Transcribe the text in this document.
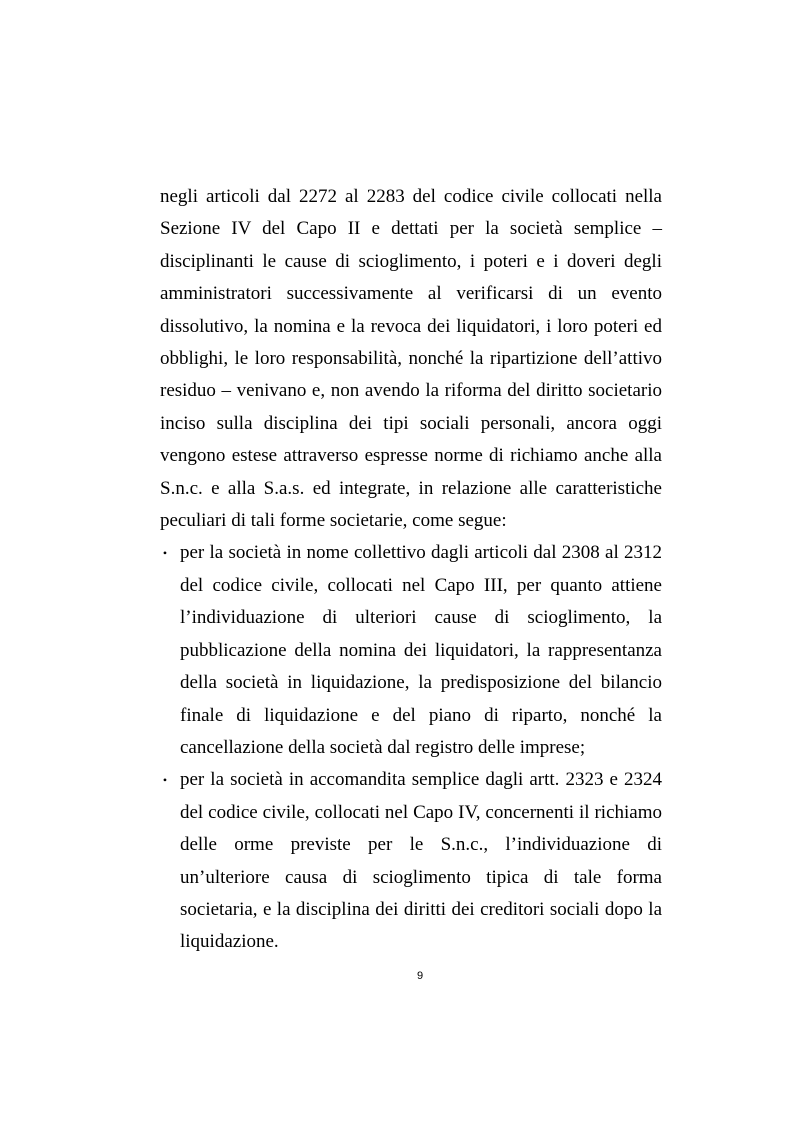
negli articoli dal 2272 al 2283 del codice civile collocati nella Sezione IV del Capo II e dettati per la società semplice – disciplinanti le cause di scioglimento, i poteri e i doveri degli amministratori successivamente al verificarsi di un evento dissolutivo, la nomina e la revoca dei liquidatori, i loro poteri ed obblighi, le loro responsabilità, nonché la ripartizione dell’attivo residuo – venivano e, non avendo la riforma del diritto societario inciso sulla disciplina dei tipi sociali personali, ancora oggi vengono estese attraverso espresse norme di richiamo anche alla S.n.c. e alla S.a.s. ed integrate, in relazione alle caratteristiche peculiari di tali forme societarie, come segue:

• per la società in nome collettivo dagli articoli dal 2308 al 2312 del codice civile, collocati nel Capo III, per quanto attiene l’individuazione di ulteriori cause di scioglimento, la pubblicazione della nomina dei liquidatori, la rappresentanza della società in liquidazione, la predisposizione del bilancio finale di liquidazione e del piano di riparto, nonché la cancellazione della società dal registro delle imprese;
• per la società in accomandita semplice dagli artt. 2323 e 2324 del codice civile, collocati nel Capo IV, concernenti il richiamo delle orme previste per le S.n.c., l’individuazione di un’ulteriore causa di scioglimento tipica di tale forma societaria, e la disciplina dei diritti dei creditori sociali dopo la liquidazione.
9
